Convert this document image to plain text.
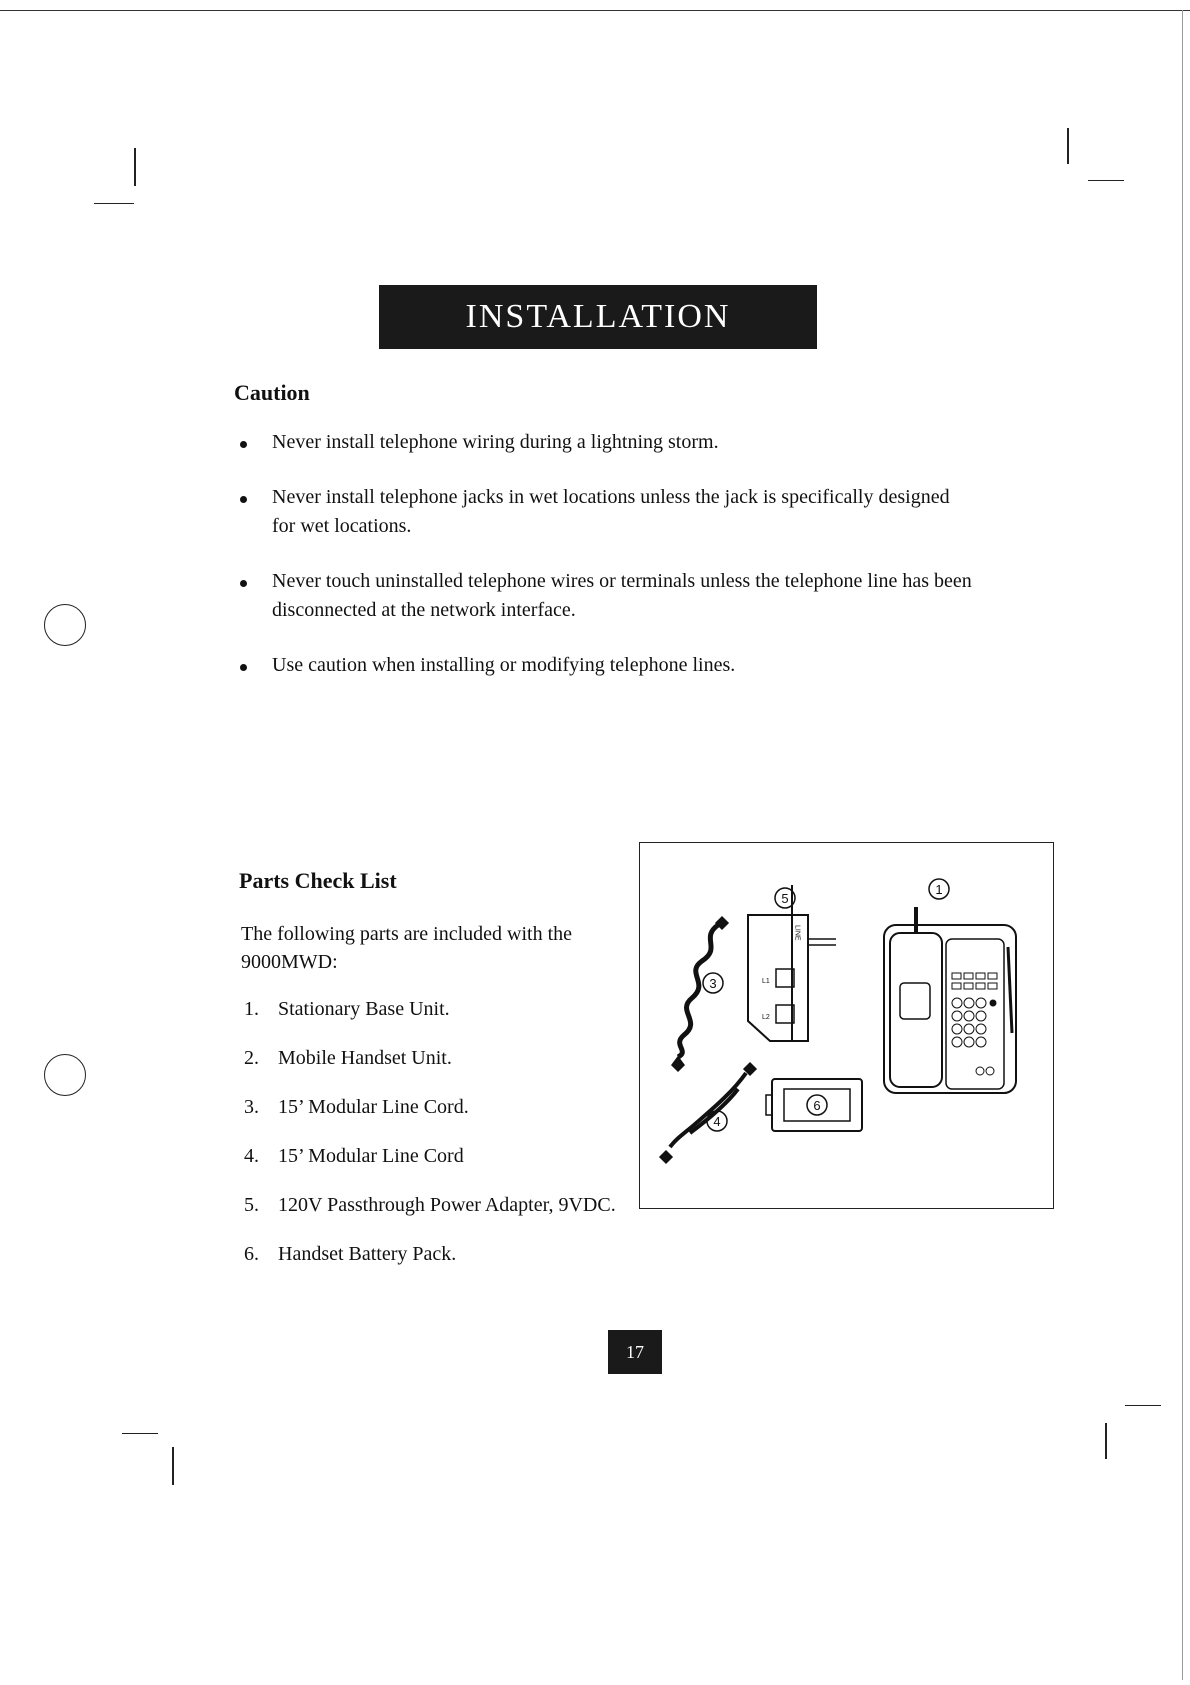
INSTALLATION
Caution
Never install telephone wiring during a lightning storm.
Never install telephone jacks in wet locations unless the jack is specifically designed for wet locations.
Never touch uninstalled telephone wires or terminals unless the telephone line has been disconnected at the network interface.
Use caution when installing or modifying telephone lines.
Parts Check List
The following parts are included with the 9000MWD:
1. Stationary Base Unit.
2. Mobile Handset Unit.
3. 15’ Modular Line Cord.
4. 15’ Modular Line Cord
5. 120V Passthrough Power Adapter, 9VDC.
6. Handset Battery Pack.
LINE
L1
L2
1
3
4
5
6
17
